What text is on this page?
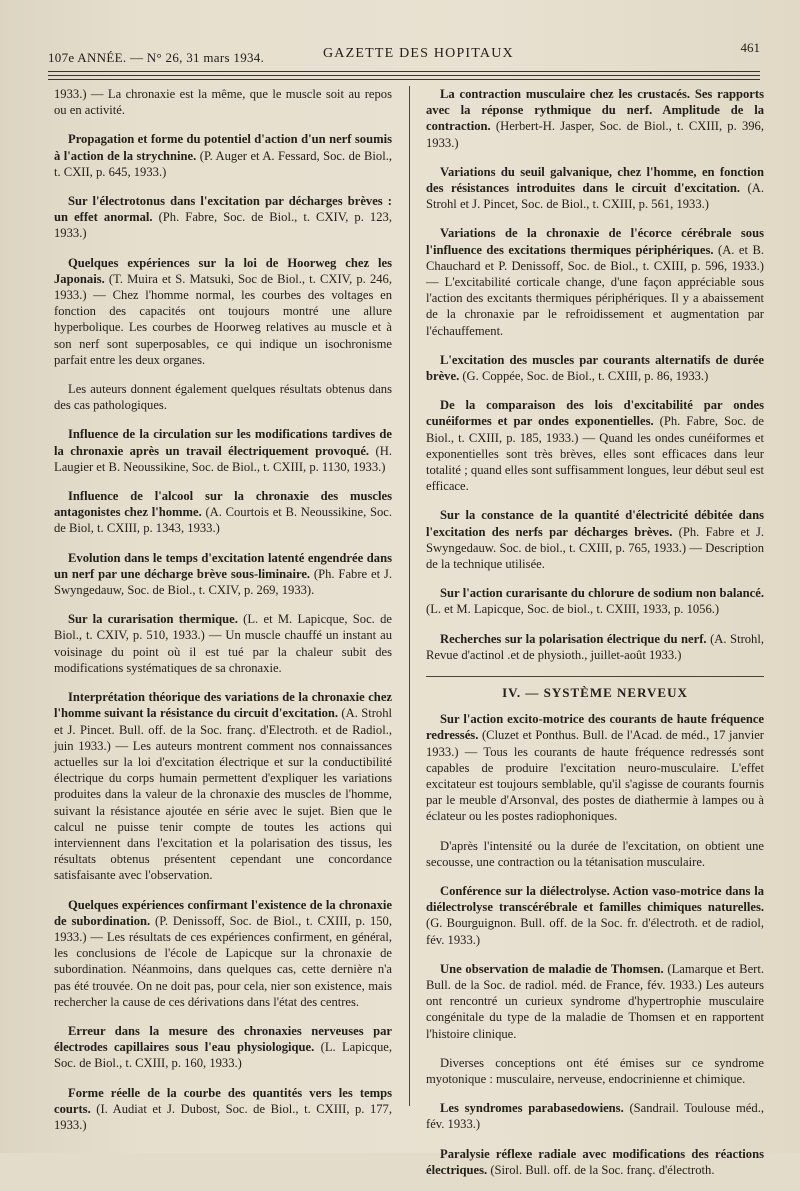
107e ANNÉE. — N° 26, 31 mars 1934.	GAZETTE DES HOPITAUX	461

1933.) — La chronaxie est la même, que le muscle soit au repos ou en activité.

Propagation et forme du potentiel d'action d'un nerf soumis à l'action de la strychnine. (P. Auger et A. Fessard, Soc. de Biol., t. CXII, p. 645, 1933.)

Sur l'électrotonus dans l'excitation par décharges brèves : un effet anormal. (Ph. Fabre, Soc. de Biol., t. CXIV, p. 123, 1933.)

Quelques expériences sur la loi de Hoorweg chez les Japonais. (T. Muira et S. Matsuki, Soc de Biol., t. CXIV, p. 246, 1933.) — Chez l'homme normal, les courbes des voltages en fonction des capacités ont toujours montré une allure hyperbolique. Les courbes de Hoorweg relatives au muscle et à son nerf sont superposables, ce qui indique un isochronisme parfait entre les deux organes.

Les auteurs donnent également quelques résultats obtenus dans des cas pathologiques.

Influence de la circulation sur les modifications tardives de la chronaxie après un travail électriquement provoqué. (H. Laugier et B. Neoussikine, Soc. de Biol., t. CXIII, p. 1130, 1933.)

Influence de l'alcool sur la chronaxie des muscles antagonistes chez l'homme. (A. Courtois et B. Neoussikine, Soc. de Biol, t. CXIII, p. 1343, 1933.)

Evolution dans le temps d'excitation latenté engendrée dans un nerf par une décharge brève sous-liminaire. (Ph. Fabre et J. Swyngedauw, Soc. de Biol., t. CXIV, p. 269, 1933).

Sur la curarisation thermique. (L. et M. Lapicque, Soc. de Biol., t. CXIV, p. 510, 1933.) — Un muscle chauffé un instant au voisinage du point où il est tué par la chaleur subit des modifications systématiques de sa chronaxie.

Interprétation théorique des variations de la chronaxie chez l'homme suivant la résistance du circuit d'excitation. (A. Strohl et J. Pincet. Bull. off. de la Soc. franç. d'Electroth. et de Radiol., juin 1933.) — Les auteurs montrent comment nos connaissances actuelles sur la loi d'excitation électrique et sur la conductibilité électrique du corps humain permettent d'expliquer les variations produites dans la valeur de la chronaxie des muscles de l'homme, suivant la résistance ajoutée en série avec le sujet. Bien que le calcul ne puisse tenir compte de toutes les actions qui interviennent dans l'excitation et la polarisation des tissus, les résultats obtenus présentent cependant une concordance satisfaisante avec l'observation.

Quelques expériences confirmant l'existence de la chronaxie de subordination. (P. Denissoff, Soc. de Biol., t. CXIII, p. 150, 1933.) — Les résultats de ces expériences confirment, en général, les conclusions de l'école de Lapicque sur la chronaxie de subordination. Néanmoins, dans quelques cas, cette dernière n'a pas été trouvée. On ne doit pas, pour cela, nier son existence, mais rechercher la cause de ces dérivations dans l'état des centres.

Erreur dans la mesure des chronaxies nerveuses par électrodes capillaires sous l'eau physiologique. (L. Lapicque, Soc. de Biol., t. CXIII, p. 160, 1933.)

Forme réelle de la courbe des quantités vers les temps courts. (I. Audiat et J. Dubost, Soc. de Biol., t. CXIII, p. 177, 1933.)

La contraction musculaire chez les crustacés. Ses rapports avec la réponse rythmique du nerf. Amplitude de la contraction. (Herbert-H. Jasper, Soc. de Biol., t. CXIII, p. 396, 1933.)

Variations du seuil galvanique, chez l'homme, en fonction des résistances introduites dans le circuit d'excitation. (A. Strohl et J. Pincet, Soc. de Biol., t. CXIII, p. 561, 1933.)

Variations de la chronaxie de l'écorce cérébrale sous l'influence des excitations thermiques périphériques. (A. et B. Chauchard et P. Denissoff, Soc. de Biol., t. CXIII, p. 596, 1933.) — L'excitabilité corticale change, d'une façon appréciable sous l'action des excitants thermiques périphériques. Il y a abaissement de la chronaxie par le refroidissement et augmentation par l'échauffement.

L'excitation des muscles par courants alternatifs de durée brève. (G. Coppée, Soc. de Biol., t. CXIII, p. 86, 1933.)

De la comparaison des lois d'excitabilité par ondes cunéiformes et par ondes exponentielles. (Ph. Fabre, Soc. de Biol., t. CXIII, p. 185, 1933.) — Quand les ondes cunéiformes et exponentielles sont très brèves, elles sont efficaces dans leur totalité ; quand elles sont suffisamment longues, leur début seul est efficace.

Sur la constance de la quantité d'électricité débitée dans l'excitation des nerfs par décharges brèves. (Ph. Fabre et J. Swyngedauw. Soc. de biol., t. CXIII, p. 765, 1933.) — Description de la technique utilisée.

Sur l'action curarisante du chlorure de sodium non balancé. (L. et M. Lapicque, Soc. de biol., t. CXIII, 1933, p. 1056.)

Recherches sur la polarisation électrique du nerf. (A. Strohl, Revue d'actinol .et de physioth., juillet-août 1933.)

IV. — SYSTÈME NERVEUX

Sur l'action excito-motrice des courants de haute fréquence redressés. (Cluzet et Ponthus. Bull. de l'Acad. de méd., 17 janvier 1933.) — Tous les courants de haute fréquence redressés sont capables de produire l'excitation neuro-musculaire. L'effet excitateur est toujours semblable, qu'il s'agisse de courants fournis par le meuble d'Arsonval, des postes de diathermie à lampes ou à éclateur ou les postes radiophoniques.

D'après l'intensité ou la durée de l'excitation, on obtient une secousse, une contraction ou la tétanisation musculaire.

Conférence sur la diélectrolyse. Action vaso-motrice dans la diélectrolyse transcérébrale et familles chimiques naturelles. (G. Bourguignon. Bull. off. de la Soc. fr. d'électroth. et de radiol, fév. 1933.)

Une observation de maladie de Thomsen. (Lamarque et Bert. Bull. de la Soc. de radiol. méd. de France, fév. 1933.) Les auteurs ont rencontré un curieux syndrome d'hypertrophie musculaire congénitale du type de la maladie de Thomsen et en rapportent l'histoire clinique.

Diverses conceptions ont été émises sur ce syndrome myotonique : musculaire, nerveuse, endocrinienne et chimique.

Les syndromes parabasedowiens. (Sandrail. Toulouse méd., fév. 1933.)

Paralysie réflexe radiale avec modifications des réactions électriques. (Sirol. Bull. off. de la Soc. franç. d'électroth.
